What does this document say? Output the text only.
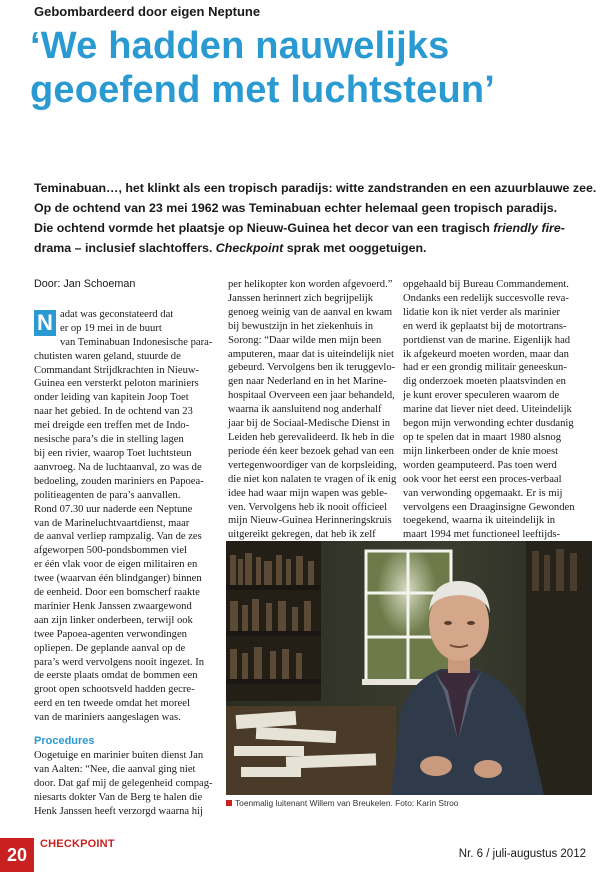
Gebombardeerd door eigen Neptune
‘We hadden nauwelijks
geoefend met luchtsteun’
Teminabuan…, het klinkt als een tropisch paradijs: witte zandstranden en een azuurblauwe zee.
Op de ochtend van 23 mei 1962 was Teminabuan echter helemaal geen tropisch paradijs.
Die ochtend vormde het plaatsje op Nieuw-Guinea het decor van een tragisch friendly fire-
drama – inclusief slachtoffers. Checkpoint sprak met ooggetuigen.

Door: Jan Schoeman

N adat was geconstateerd dat
er op 19 mei in de buurt
van Teminabuan Indonesische para-
chutisten waren geland, stuurde de
Commandant Strijdkrachten in Nieuw-
Guinea een versterkt peloton mariniers
onder leiding van kapitein Joop Toet
naar het gebied. In de ochtend van 23
mei dreigde een treffen met de Indo-
nesische para’s die in stelling lagen
bij een rivier, waarop Toet luchtsteun
aanvroeg. Na de luchtaanval, zo was de
bedoeling, zouden mariniers en Papoea-
politieagenten de para’s aanvallen.
Rond 07.30 uur naderde een Neptune
van de Marineluchtvaartdienst, maar
de aanval verliep rampzalig. Van de zes
afgeworpen 500-pondsbommen viel
er één vlak voor de eigen militairen en
twee (waarvan één blindganger) binnen
de eenheid. Door een bomscherf raakte
marinier Henk Janssen zwaargewond
aan zijn linker onderbeen, terwijl ook
twee Papoea-agenten verwondingen
opliepen. De geplande aanval op de
para’s werd vervolgens nooit ingezet. In
de eerste plaats omdat de bommen een
groot open schootsveld hadden gecre-
eerd en ten tweede omdat het moreel
van de mariniers aangeslagen was.

Procedures

Oogetuige en marinier buiten dienst Jan
van Aalten: “Nee, die aanval ging niet
door. Dat gaf mij de gelegenheid compag-
niesarts dokter Van de Berg te halen die
Henk Janssen heeft verzorgd waarna hij

per helikopter kon worden afgevoerd.”
Janssen herinnert zich begrijpelijk
genoeg weinig van de aanval en kwam
bij bewustzijn in het ziekenhuis in
Sorong: “Daar wilde men mijn been
amputeren, maar dat is uiteindelijk niet
gebeurd. Vervolgens ben ik teruggevlo-
gen naar Nederland en in het Marine-
hospitaal Overveen een jaar behandeld,
waarna ik aansluitend nog anderhalf
jaar bij de Sociaal-Medische Dienst in
Leiden heb gerevalideerd. Ik heb in die
periode één keer bezoek gehad van een
vertegenwoordiger van de korpsleiding,
die niet kon nalaten te vragen of ik enig
idee had waar mijn wapen was geble-
ven. Vervolgens heb ik nooit officieel
mijn Nieuw-Guinea Herinneringskruis
uitgereikt gekregen, dat heb ik zelf

opgehaald bij Bureau Commandement.
Ondanks een redelijk succesvolle reva-
lidatie kon ik niet verder als marinier
en werd ik geplaatst bij de motortrans-
portdienst van de marine. Eigenlijk had
ik afgekeurd moeten worden, maar dan
had er een grondig militair geneeskun-
dig onderzoek moeten plaatsvinden en
je kunt erover speculeren waarom de
marine dat liever niet deed. Uiteindelijk
begon mijn verwonding echter dusdanig
op te spelen dat in maart 1980 alsnog
mijn linkerbeen onder de knie moest
worden geamputeerd. Pas toen werd
ook voor het eerst een proces-verbaal
van verwonding opgemaakt. Er is mij
vervolgens een Draaginsigne Gewonden
toegekend, waarna ik uiteindelijk in
maart 1994 met functioneel leeftijds-

Toenmalig luitenant Willem van Breukelen. Foto: Karin Stroo
20
CHECKPOINT
Nr. 6 / juli-augustus 2012
